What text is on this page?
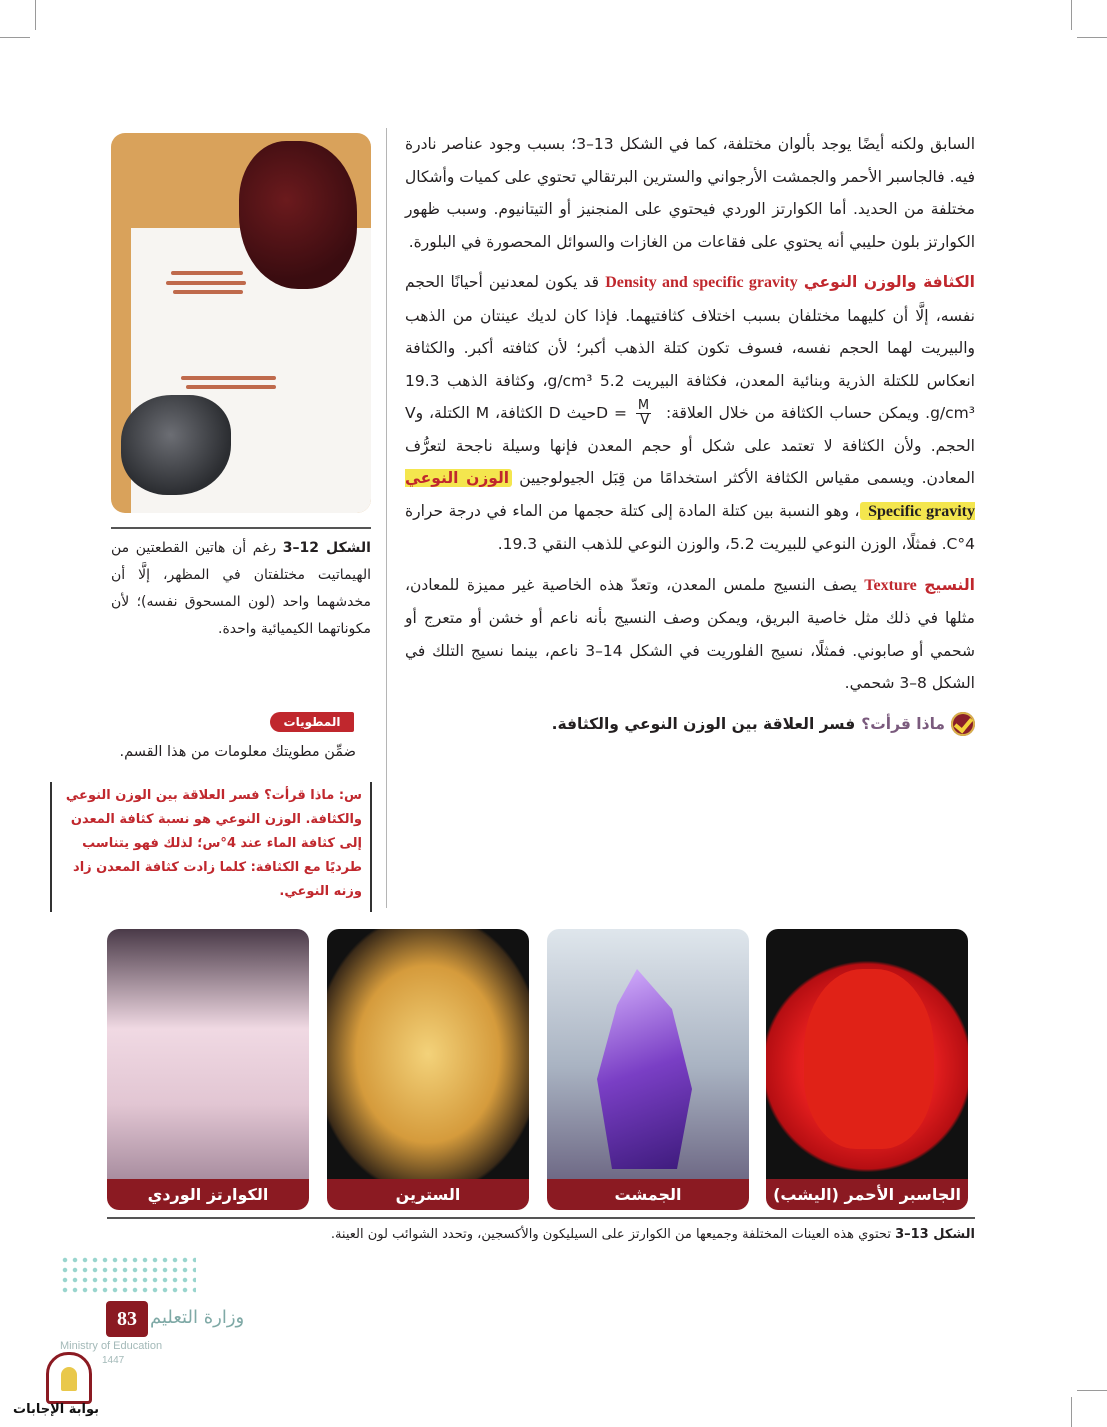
السابق ولكنه أيضًا يوجد بألوان مختلفة، كما في الشكل 13–3؛ بسبب وجود عناصر نادرة فيه. فالجاسبر الأحمر والجمشت الأرجواني والسترين البرتقالي تحتوي على كميات وأشكال مختلفة من الحديد. أما الكوارتز الوردي فيحتوي على المنجنيز أو التيتانيوم. وسبب ظهور الكوارتز بلون حليبي أنه يحتوي على فقاعات من الغازات والسوائل المحصورة في البلورة.

الكثافة والوزن النوعي Density and specific gravity قد يكون لمعدنين أحيانًا الحجم نفسه، إلَّا أن كليهما مختلفان بسبب اختلاف كثافتيهما. فإذا كان لديك عينتان من الذهب والبيريت لهما الحجم نفسه، فسوف تكون كتلة الذهب أكبر؛ لأن كثافته أكبر. والكثافة انعكاس للكتلة الذرية وبنائية المعدن، فكثافة البيريت 5.2 g/cm³، وكثافة الذهب 19.3 g/cm³. ويمكن حساب الكثافة من خلال العلاقة: $D = \frac{M}{V}$
حيث D الكثافة، M الكتلة، وV الحجم. ولأن الكثافة لا تعتمد على شكل أو حجم المعدن فإنها وسيلة ناجحة لتعرُّف المعادن. ويسمى مقياس الكثافة الأكثر استخدامًا من قِبَل الجيولوجيين الوزن النوعي Specific gravity ، وهو النسبة بين كتلة المادة إلى كتلة حجمها من الماء في درجة حرارة 4°C. فمثلًا، الوزن النوعي للبيريت 5.2، والوزن النوعي للذهب النقي 19.3.

النسيج Texture يصف النسيج ملمس المعدن، وتعدّ هذه الخاصية غير مميزة للمعادن، مثلها في ذلك مثل خاصية البريق، ويمكن وصف النسيج بأنه ناعم أو خشن أو متعرج أو شحمي أو صابوني. فمثلًا، نسيج الفلوريت في الشكل 14–3 ناعم، بينما نسيج التلك في الشكل 8–3 شحمي.

ماذا قرأت؟
فسر العلاقة بين الوزن النوعي والكثافة.
الشكل 12–3 رغم أن هاتين القطعتين من الهيماتيت مختلفتان في المظهر، إلَّا أن مخدشهما واحد (لون المسحوق نفسه)؛ لأن مكوناتهما الكيميائية واحدة.
المطويات
ضمِّن مطويتك معلومات من هذا القسم.
س: ماذا قرأت؟ فسر العلاقة بين الوزن النوعي والكثافة. الوزن النوعي هو نسبة كثافة المعدن إلى كثافة الماء عند 4°س؛ لذلك فهو يتناسب طرديًا مع الكثافة: كلما زادت كثافة المعدن زاد وزنه النوعي.
الجاسبر الأحمر (اليشب)
الجمشت
السترين
الكوارتز الوردي
الشكل 13–3 تحتوي هذه العينات المختلفة وجميعها من الكوارتز على السيليكون والأكسجين، وتحدد الشوائب لون العينة.
83 وزارة التعليم
Ministry of Education
1447
بوابة الإجابات
